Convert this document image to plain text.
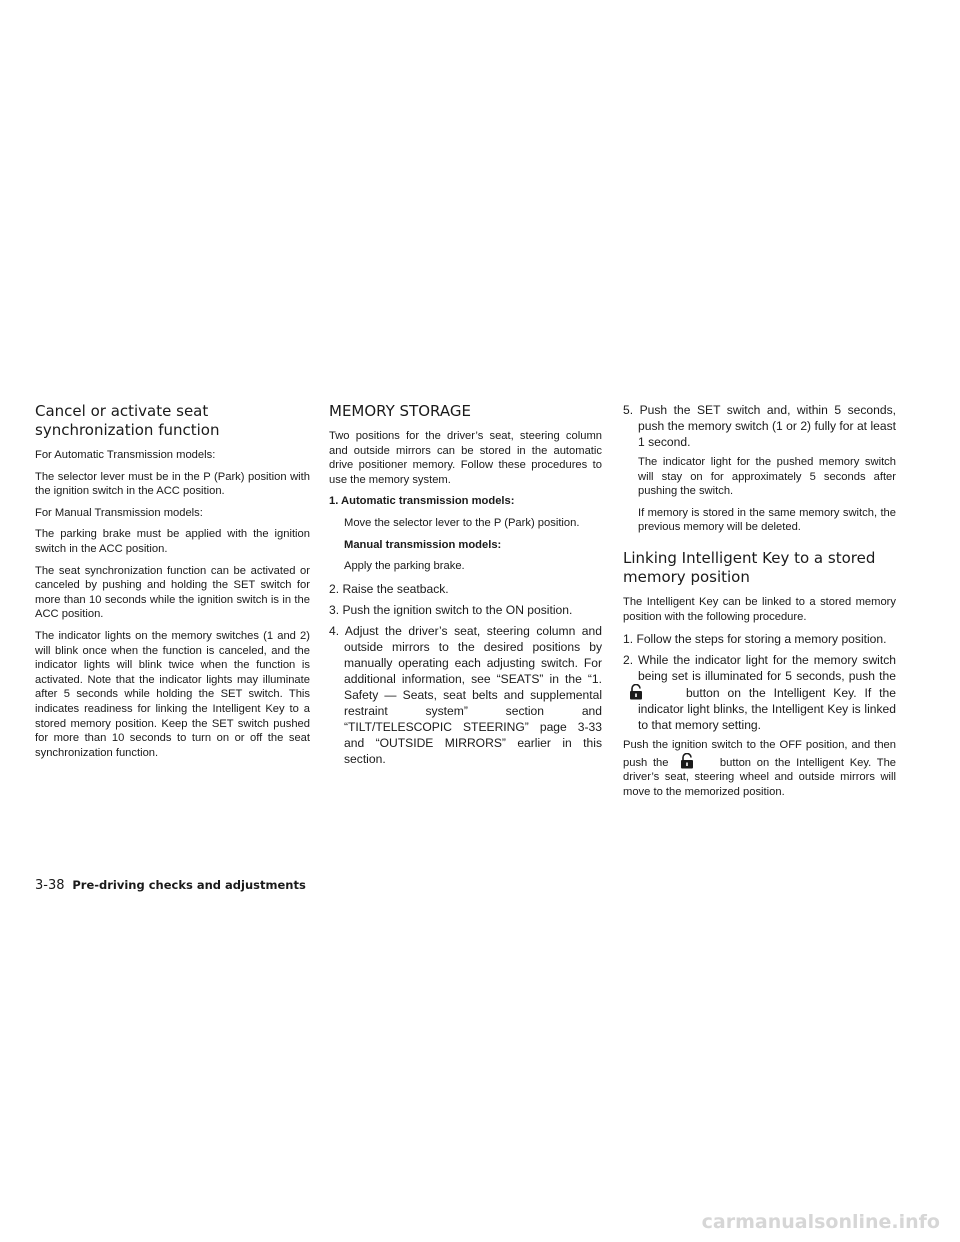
Cancel or activate seat
synchronization function

For Automatic Transmission models:

The selector lever must be in the P (Park) position with the ignition switch in the ACC position.

For Manual Transmission models:

The parking brake must be applied with the ignition switch in the ACC position.

The seat synchronization function can be activated or canceled by pushing and holding the SET switch for more than 10 seconds while the ignition switch is in the ACC position.

The indicator lights on the memory switches (1 and 2) will blink once when the function is canceled, and the indicator lights will blink twice when the function is activated. Note that the indicator lights may illuminate after 5 seconds while holding the SET switch. This indicates readiness for linking the Intelligent Key to a stored memory position. Keep the SET switch pushed for more than 10 seconds to turn on or off the seat synchronization function.

MEMORY STORAGE

Two positions for the driver’s seat, steering column and outside mirrors can be stored in the automatic drive positioner memory. Follow these procedures to use the memory system.

1. Automatic transmission models:

Move the selector lever to the P (Park) position.

Manual transmission models:

Apply the parking brake.

2. Raise the seatback.
3. Push the ignition switch to the ON position.
4. Adjust the driver’s seat, steering column and outside mirrors to the desired positions by manually operating each adjusting switch. For additional information, see “SEATS” in the “1. Safety — Seats, seat belts and supplemental restraint system” section and “TILT/TELESCOPIC STEERING” page 3-33 and “OUTSIDE MIRRORS” earlier in this section.
5. Push the SET switch and, within 5 seconds, push the memory switch (1 or 2) fully for at least 1 second.

The indicator light for the pushed memory switch will stay on for approximately 5 seconds after pushing the switch.

If memory is stored in the same memory switch, the previous memory will be deleted.

Linking Intelligent Key to a stored
memory position

The Intelligent Key can be linked to a stored memory position with the following procedure.

1. Follow the steps for storing a memory position.
2. While the indicator light for the memory switch being set is illuminated for 5 seconds, push the  button on the Intelligent Key. If the indicator light blinks, the Intelligent Key is linked to that memory setting.

Push the ignition switch to the OFF position, and then push the	button on the Intelligent Key. The driver’s seat, steering wheel and outside mirrors will move to the memorized position.

3-38 Pre-driving checks and adjustments
carmanualsonline.info
